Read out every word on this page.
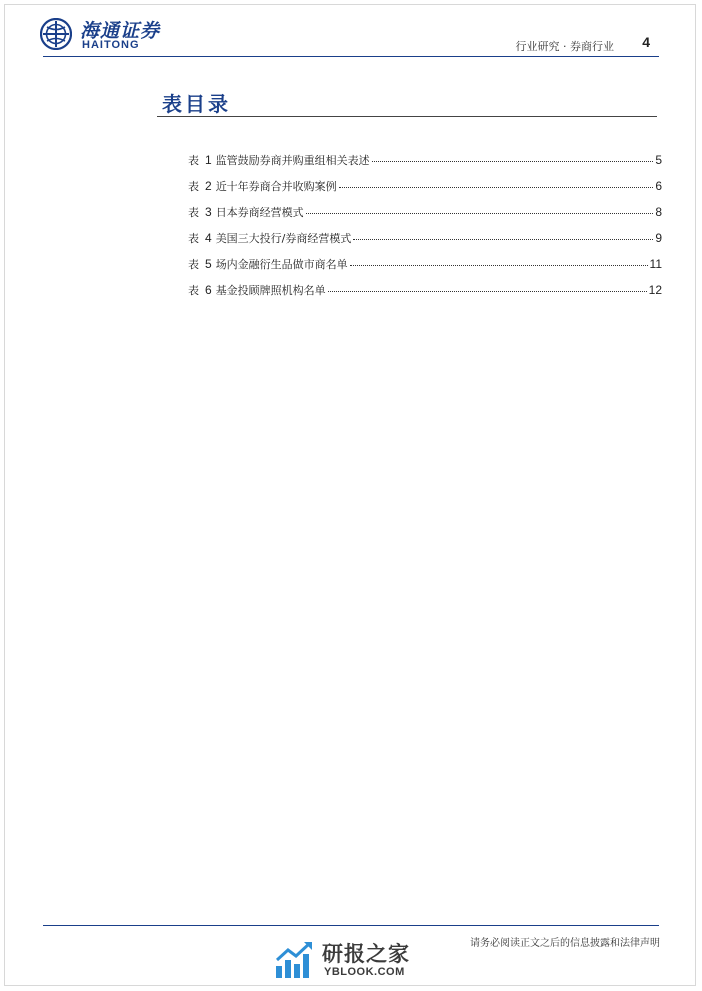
海通证券
HAITONG	行业研究 · 券商行业 4
表目录
表 1 监管鼓励券商并购重组相关表述	5
表 2 近十年券商合并收购案例	6
表 3 日本券商经营模式	8
表 4 美国三大投行/券商经营模式	9
表 5 场内金融衍生品做市商名单	11
表 6 基金投顾牌照机构名单	12
请务必阅读正文之后的信息披露和法律声明
研报之家
YBLOOK.COM
